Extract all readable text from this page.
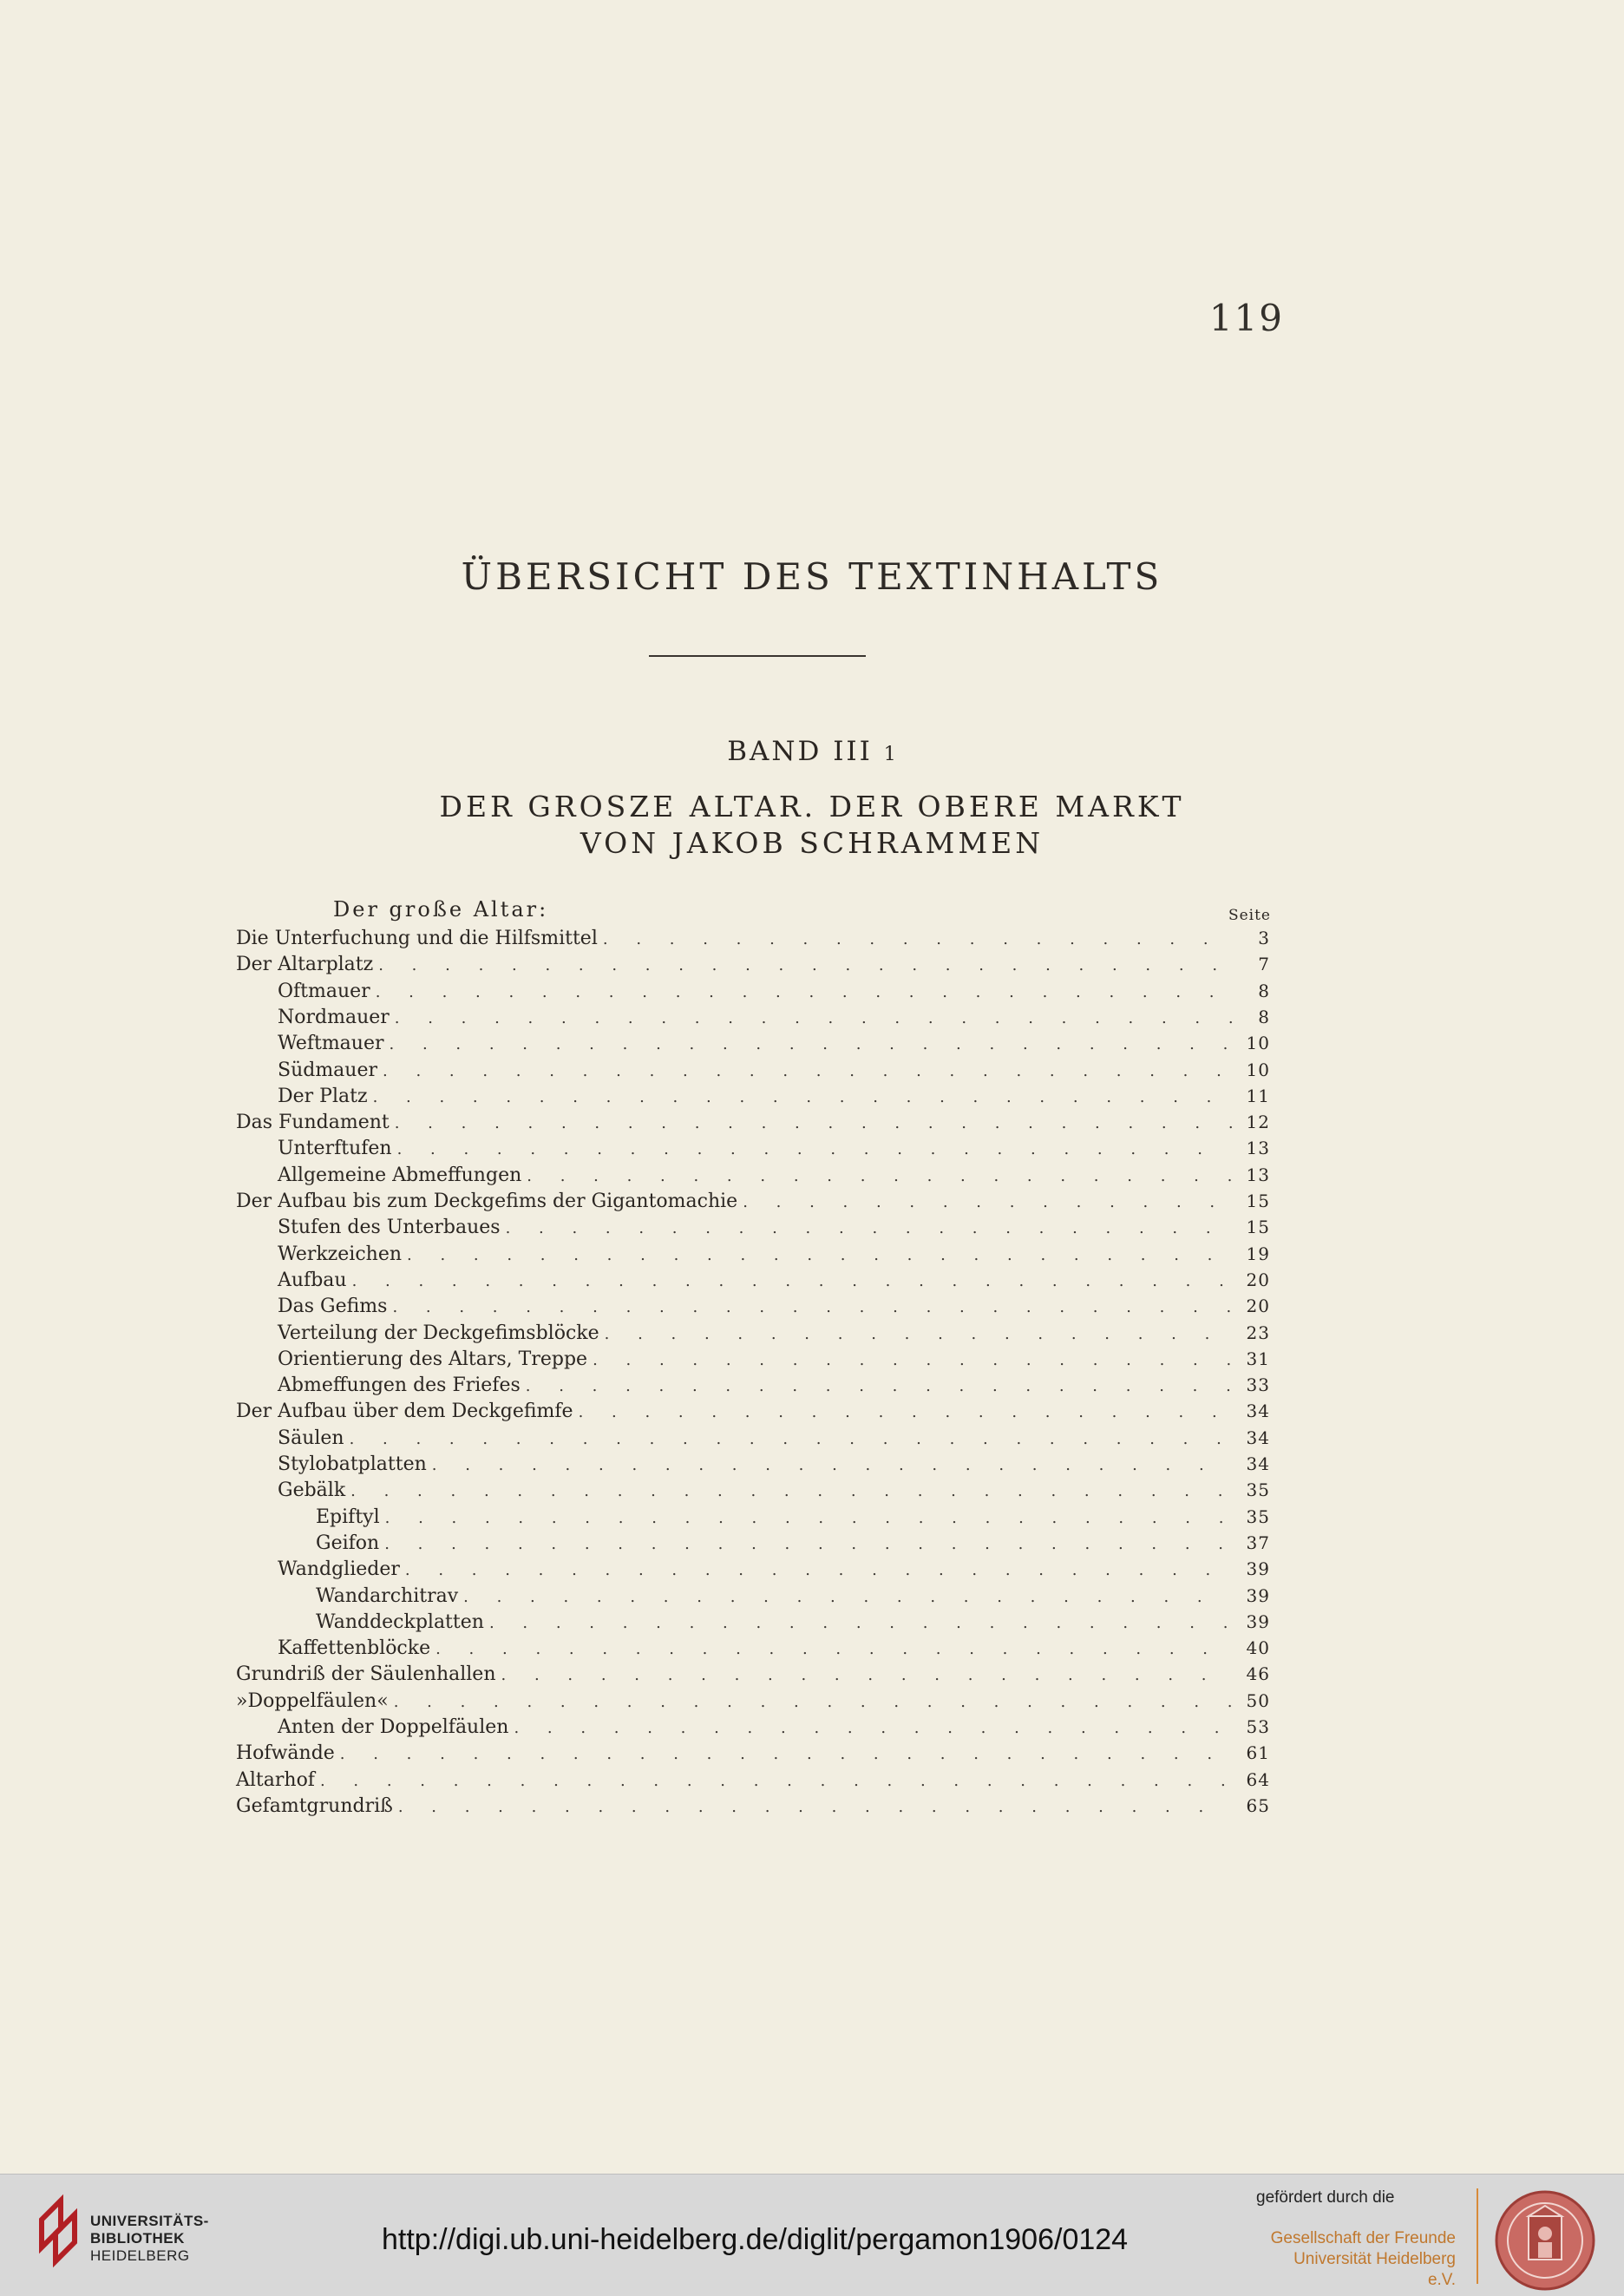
119
ÜBERSICHT DES TEXTINHALTS
BAND III 1
DER GROSZE ALTAR. DER OBERE MARKT
VON JAKOB SCHRAMMEN
Der große Altar:	Seite
Die Unterfuchung und die Hilfsmittel . . .	3
Der Altarplatz . . .	7
Oftmauer . . .	8
Nordmauer . . .	8
Weftmauer . . .	10
Südmauer . . .	10
Der Platz . . .	11
Das Fundament . . .	12
Unterftufen . . .	13
Allgemeine Abmeffungen . . .	13
Der Aufbau bis zum Deckgefims der Gigantomachie . . .	15
Stufen des Unterbaues . . .	15
Werkzeichen . . .	19
Aufbau . . .	20
Das Gefims . . .	20
Verteilung der Deckgefimsblöcke . . .	23
Orientierung des Altars, Treppe . . .	31
Abmeffungen des Friefes . . .	33
Der Aufbau über dem Deckgefimfe . . .	34
Säulen . . .	34
Stylobatplatten . . .	34
Gebälk . . .	35
Epiftyl . . .	35
Geifon . . .	37
Wandglieder . . .	39
Wandarchitrav . . .	39
Wanddeckplatten . . .	39
Kaffettenblöcke . . .	40
Grundriß der Säulenhallen . . .	46
»Doppelfäulen« . . .	50
Anten der Doppelfäulen . . .	53
Hofwände . . .	61
Altarhof . . .	64
Gefamtgrundriß . . .	65
UNIVERSITÄTS-
BIBLIOTHEK
HEIDELBERG	http://digi.ub.uni-heidelberg.de/diglit/pergamon1906/0124
gefördert durch die
Gesellschaft der Freunde
Universität Heidelberg e.V.
